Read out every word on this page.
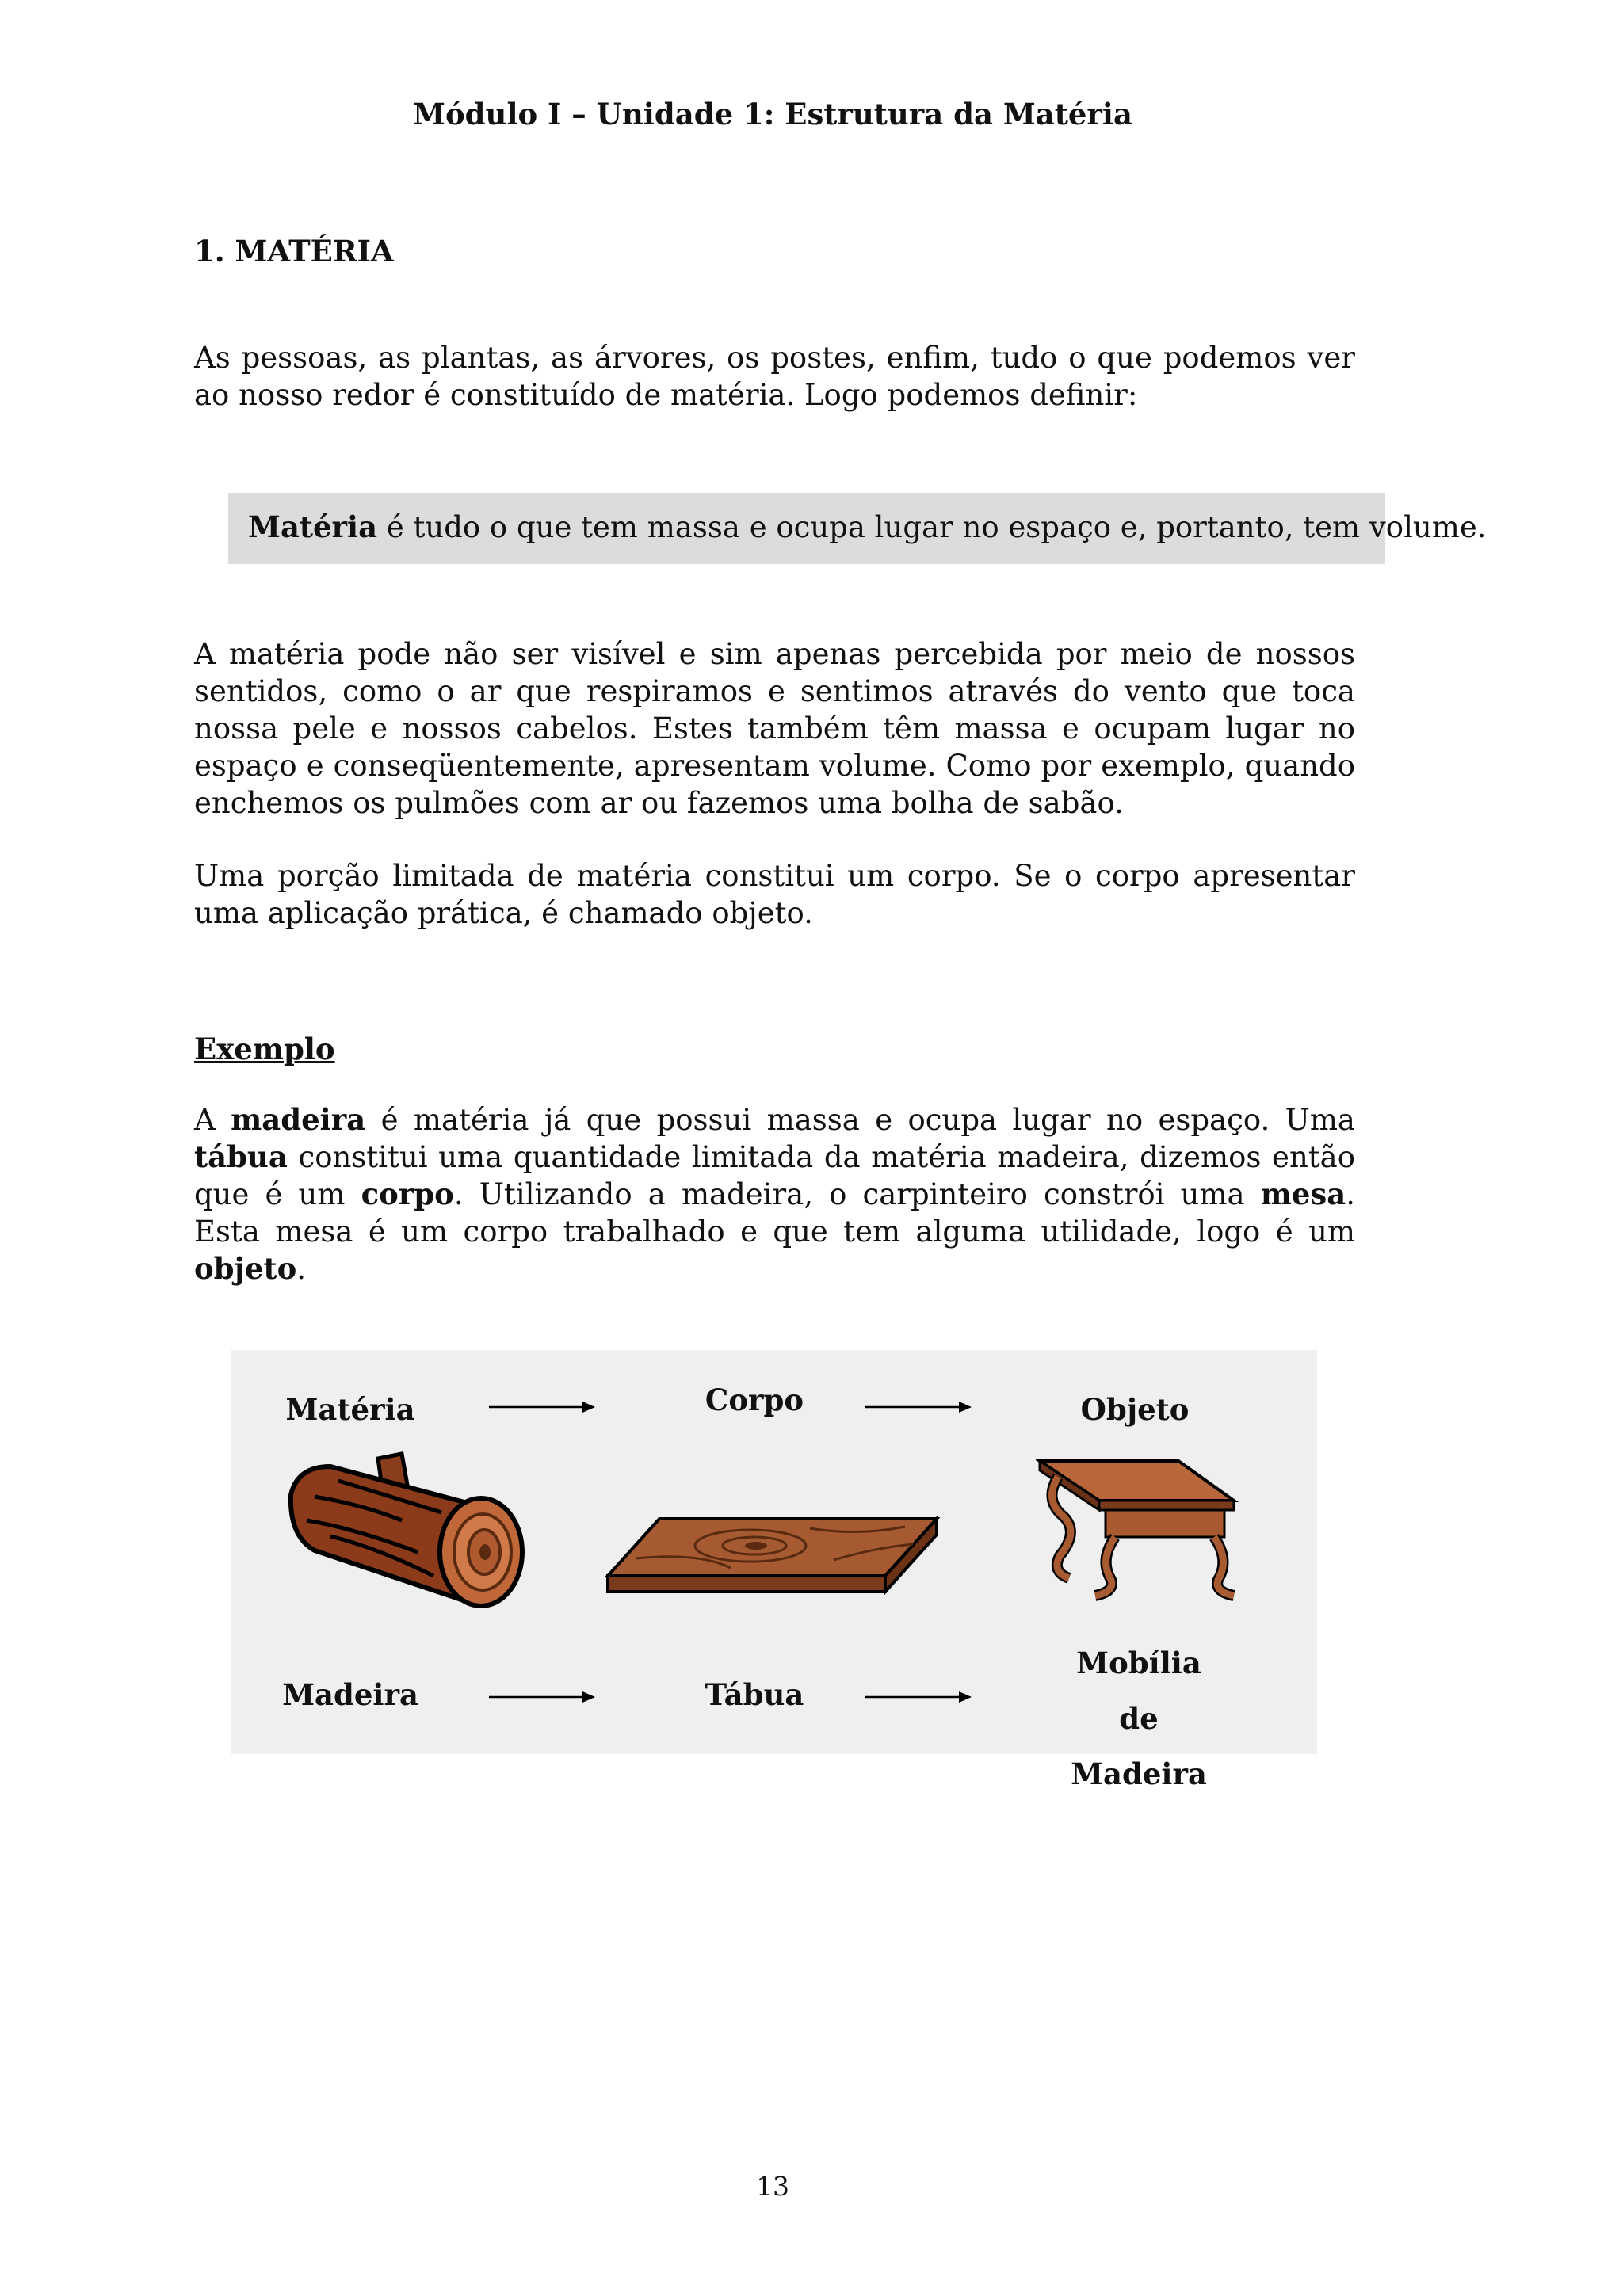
Módulo I – Unidade 1: Estrutura da Matéria
1. MATÉRIA
As pessoas, as plantas, as árvores, os postes, enfim, tudo o que podemos ver ao nosso redor é constituído de matéria. Logo podemos definir:
Matéria é tudo o que tem massa e ocupa lugar no espaço e, portanto, tem volume.
A matéria pode não ser visível e sim apenas percebida por meio de nossos sentidos, como o ar que respiramos e sentimos através do vento que toca nossa pele e nossos cabelos. Estes também têm massa e ocupam lugar no espaço e conseqüentemente, apresentam volume. Como por exemplo, quando enchemos os pulmões com ar ou fazemos uma bolha de sabão.
Uma porção limitada de matéria constitui um corpo. Se o corpo apresentar uma aplicação prática, é chamado objeto.
Exemplo
A madeira é matéria já que possui massa e ocupa lugar no espaço. Uma tábua constitui uma quantidade limitada da matéria madeira, dizemos então que é um corpo. Utilizando a madeira, o carpinteiro constrói uma mesa. Esta mesa é um corpo trabalhado e que tem alguma utilidade, logo é um objeto.
Matéria	Corpo	Objeto
Madeira	Tábua
Mobília de Madeira
13
